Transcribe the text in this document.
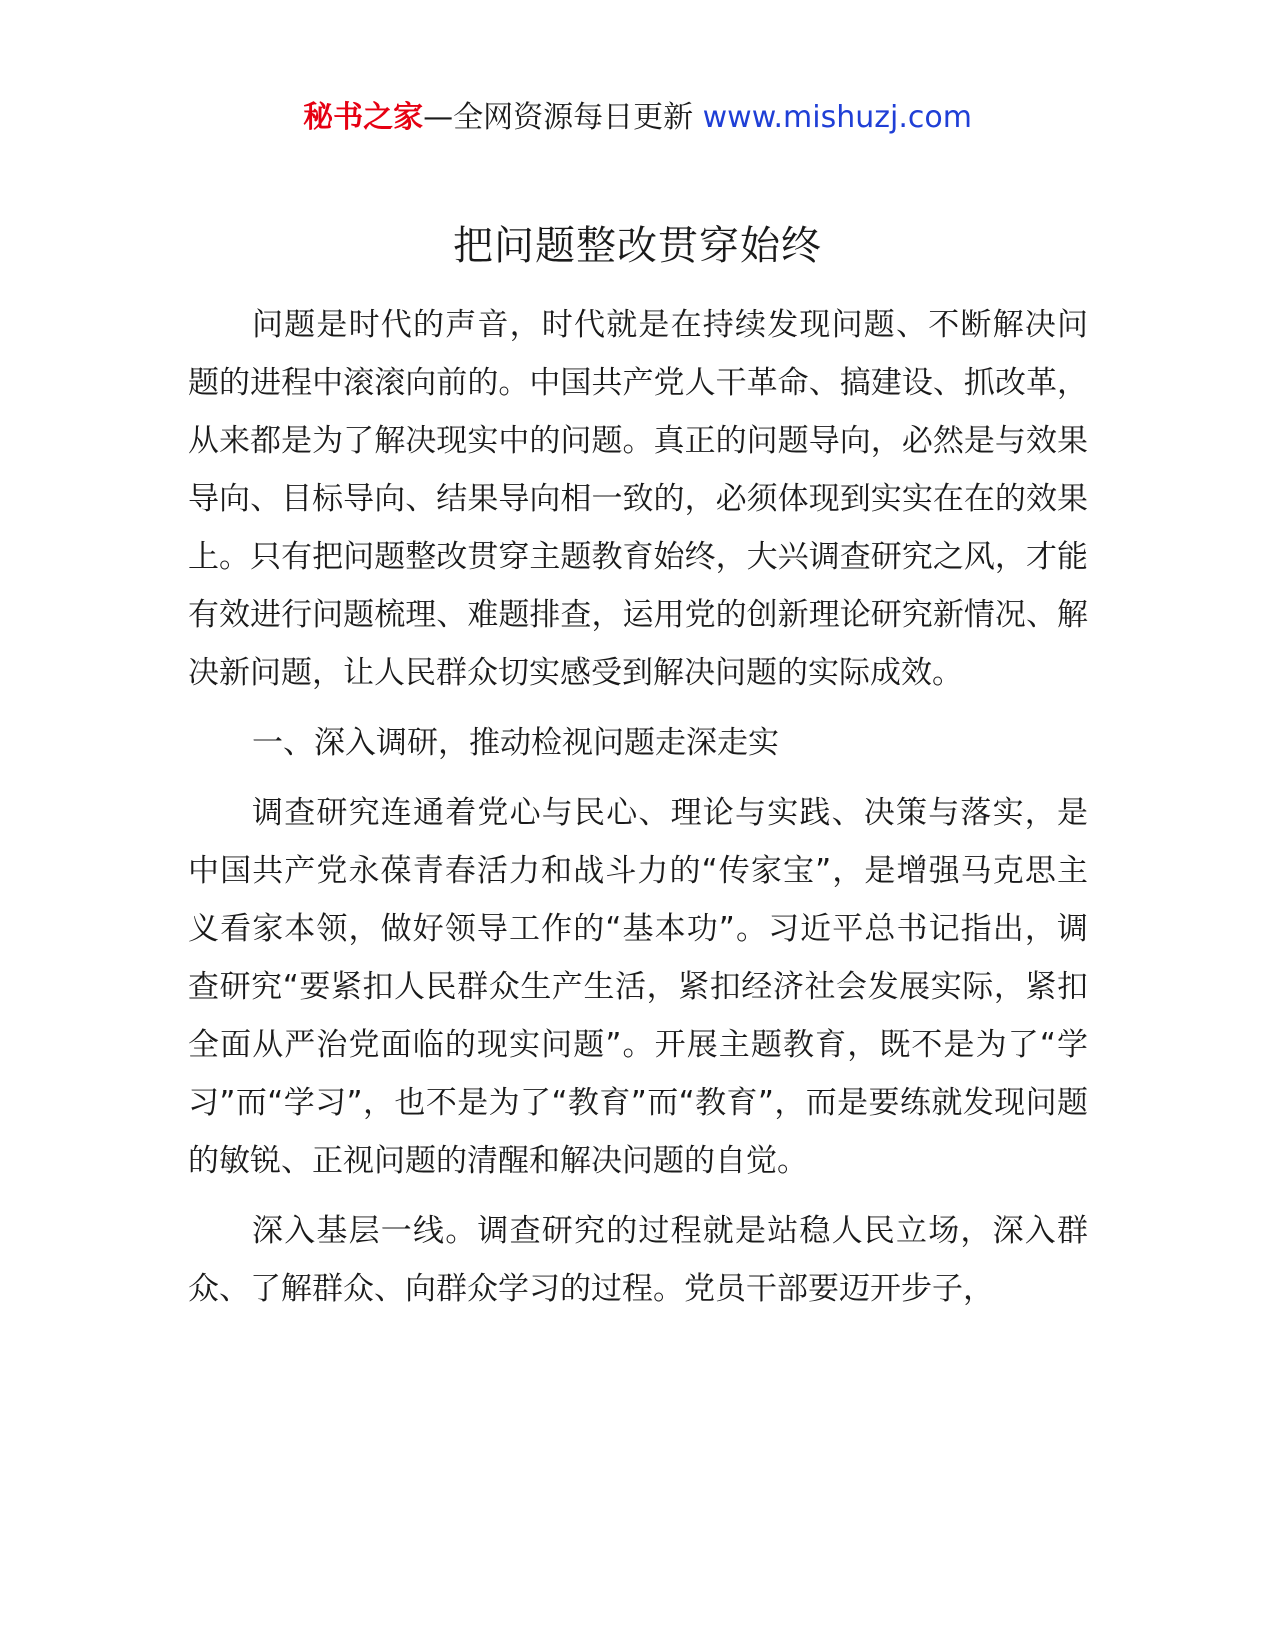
秘书之家—全网资源每日更新 www.mishuzj.com
把问题整改贯穿始终

问题是时代的声音，时代就是在持续发现问题、不断解决问题的进程中滚滚向前的。中国共产党人干革命、搞建设、抓改革，从来都是为了解决现实中的问题。真正的问题导向，必然是与效果导向、目标导向、结果导向相一致的，必须体现到实实在在的效果上。只有把问题整改贯穿主题教育始终，大兴调查研究之风，才能有效进行问题梳理、难题排查，运用党的创新理论研究新情况、解决新问题，让人民群众切实感受到解决问题的实际成效。

一、深入调研，推动检视问题走深走实

调查研究连通着党心与民心、理论与实践、决策与落实，是中国共产党永葆青春活力和战斗力的“传家宝”，是增强马克思主义看家本领，做好领导工作的“基本功”。习近平总书记指出，调查研究“要紧扣人民群众生产生活，紧扣经济社会发展实际，紧扣全面从严治党面临的现实问题”。开展主题教育，既不是为了“学习”而“学习”，也不是为了“教育”而“教育”，而是要练就发现问题的敏锐、正视问题的清醒和解决问题的自觉。

深入基层一线。调查研究的过程就是站稳人民立场，深入群众、了解群众、向群众学习的过程。党员干部要迈开步子，
